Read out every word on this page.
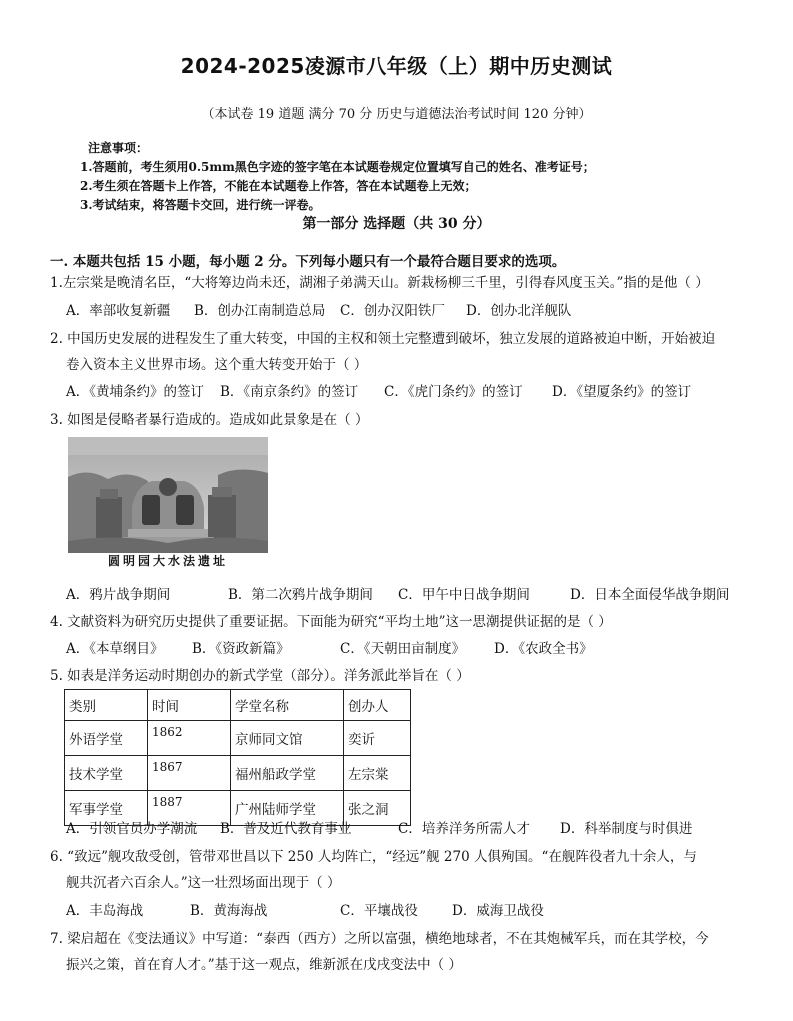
2024-2025凌源市八年级（上）期中历史测试
（本试卷 19 道题 满分 70 分 历史与道德法治考试时间 120 分钟）
注意事项：
1.答题前，考生须用0.5mm黑色字迹的签字笔在本试题卷规定位置填写自己的姓名、准考证号；
2.考生须在答题卡上作答，不能在本试题卷上作答，答在本试题卷上无效；
3.考试结束，将答题卡交回，进行统一评卷。
第一部分 选择题（共 30 分）
一. 本题共包括 15 小题，每小题 2 分。下列每小题只有一个最符合题目要求的选项。
1.左宗棠是晚清名臣，“大将筹边尚未还，湖湘子弟满天山。新栽杨柳三千里，引得春风度玉关。”指的是他（ ）
A．率部收复新疆 B．创办江南制造总局 C．创办汉阳铁厂 D．创办北洋舰队
2. 中国历史发展的进程发生了重大转变，中国的主权和领土完整遭到破坏，独立发展的道路被迫中断，开始被迫
卷入资本主义世界市场。这个重大转变开始于（ ）
A．《黄埔条约》的签订 B．《南京条约》的签订 C．《虎门条约》的签订 D．《望厦条约》的签订
3. 如图是侵略者暴行造成的。造成如此景象是在（ ）
圆明园大水法遗址
A．鸦片战争期间	B．第二次鸦片战争期间 C．甲午中日战争期间	D．日本全面侵华战争期间
4. 文献资料为研究历史提供了重要证据。下面能为研究“平均土地”这一思潮提供证据的是（ ）
A．《本草纲目》 B．《资政新篇》	C．《天朝田亩制度》 D．《农政全书》
5. 如表是洋务运动时期创办的新式学堂（部分）。洋务派此举旨在（ ）
类别	时间	学堂名称	创办人
外语学堂	1862	京师同文馆	奕䜣
技术学堂	1867	福州船政学堂	左宗棠
军事学堂	1887	广州陆师学堂	张之洞
A．引领官员办学潮流 B．普及近代教育事业	C．培养洋务所需人才 D．科举制度与时俱进
6. “致远”舰攻敌受创，管带邓世昌以下 250 人均阵亡，“经远”舰 270 人俱殉国。“在舰阵役者九十余人，与
舰共沉者六百余人。”这一壮烈场面出现于（ ）
A．丰岛海战	B．黄海海战	C．平壤战役	D．威海卫战役
7. 梁启超在《变法通议》中写道：“泰西（西方）之所以富强，横绝地球者，不在其炮械军兵，而在其学校，今
振兴之策，首在育人才。”基于这一观点，维新派在戊戌变法中（ ）
